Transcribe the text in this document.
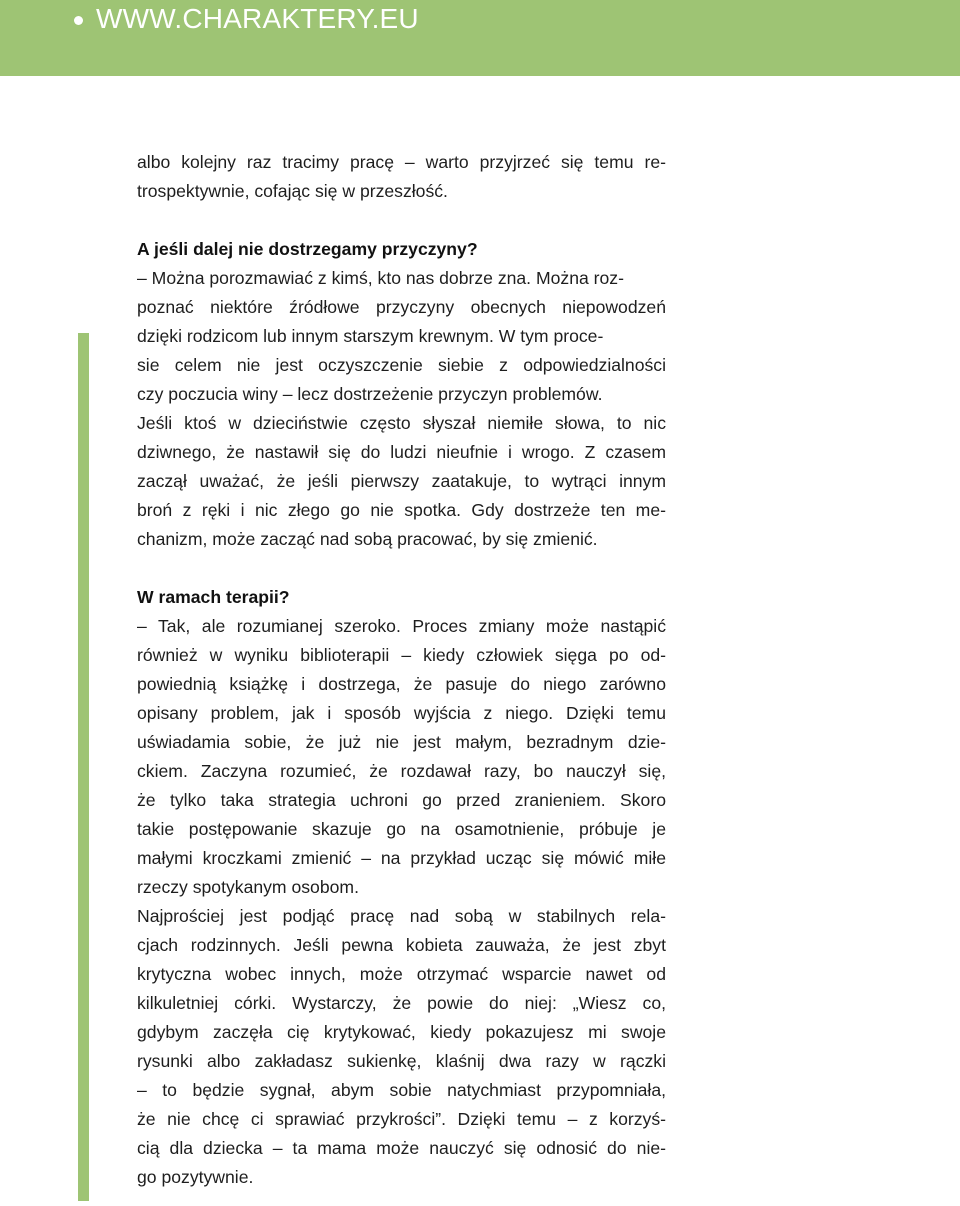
WWW.CHARAKTERY.EU
albo kolejny raz tracimy pracę – warto przyjrzeć się temu re-
trospektywnie, cofając się w przeszłość.
A jeśli dalej nie dostrzegamy przyczyny?
– Można porozmawiać z kimś, kto nas dobrze zna. Można roz-
poznać niektóre źródłowe przyczyny obecnych niepowodzeń
dzięki rodzicom lub innym starszym krewnym. W tym proce-
sie celem nie jest oczyszczenie siebie z odpowiedzialności
czy poczucia winy – lecz dostrzeżenie przyczyn problemów.
Jeśli ktoś w dzieciństwie często słyszał niemiłe słowa, to nic
dziwnego, że nastawił się do ludzi nieufnie i wrogo. Z czasem
zaczął uważać, że jeśli pierwszy zaatakuje, to wytrąci innym
broń z ręki i nic złego go nie spotka. Gdy dostrzeże ten me-
chanizm, może zacząć nad sobą pracować, by się zmienić.
W ramach terapii?
– Tak, ale rozumianej szeroko. Proces zmiany może nastąpić
również w wyniku biblioterapii – kiedy człowiek sięga po od-
powiednią książkę i dostrzega, że pasuje do niego zarówno
opisany problem, jak i sposób wyjścia z niego. Dzięki temu
uświadamia sobie, że już nie jest małym, bezradnym dzie-
ckiem. Zaczyna rozumieć, że rozdawał razy, bo nauczył się,
że tylko taka strategia uchroni go przed zranieniem. Skoro
takie postępowanie skazuje go na osamotnienie, próbuje je
małymi kroczkami zmienić – na przykład ucząc się mówić miłe
rzeczy spotykanym osobom.
Najprościej jest podjąć pracę nad sobą w stabilnych rela-
cjach rodzinnych. Jeśli pewna kobieta zauważa, że jest zbyt
krytyczna wobec innych, może otrzymać wsparcie nawet od
kilkuletniej córki. Wystarczy, że powie do niej: „Wiesz co,
gdybym zaczęła cię krytykować, kiedy pokazujesz mi swoje
rysunki albo zakładasz sukienkę, klaśnij dwa razy w rączki
– to będzie sygnał, abym sobie natychmiast przypomniała,
że nie chcę ci sprawiać przykrości”. Dzięki temu – z korzyś-
cią dla dziecka – ta mama może nauczyć się odnosić do nie-
go pozytywnie.
